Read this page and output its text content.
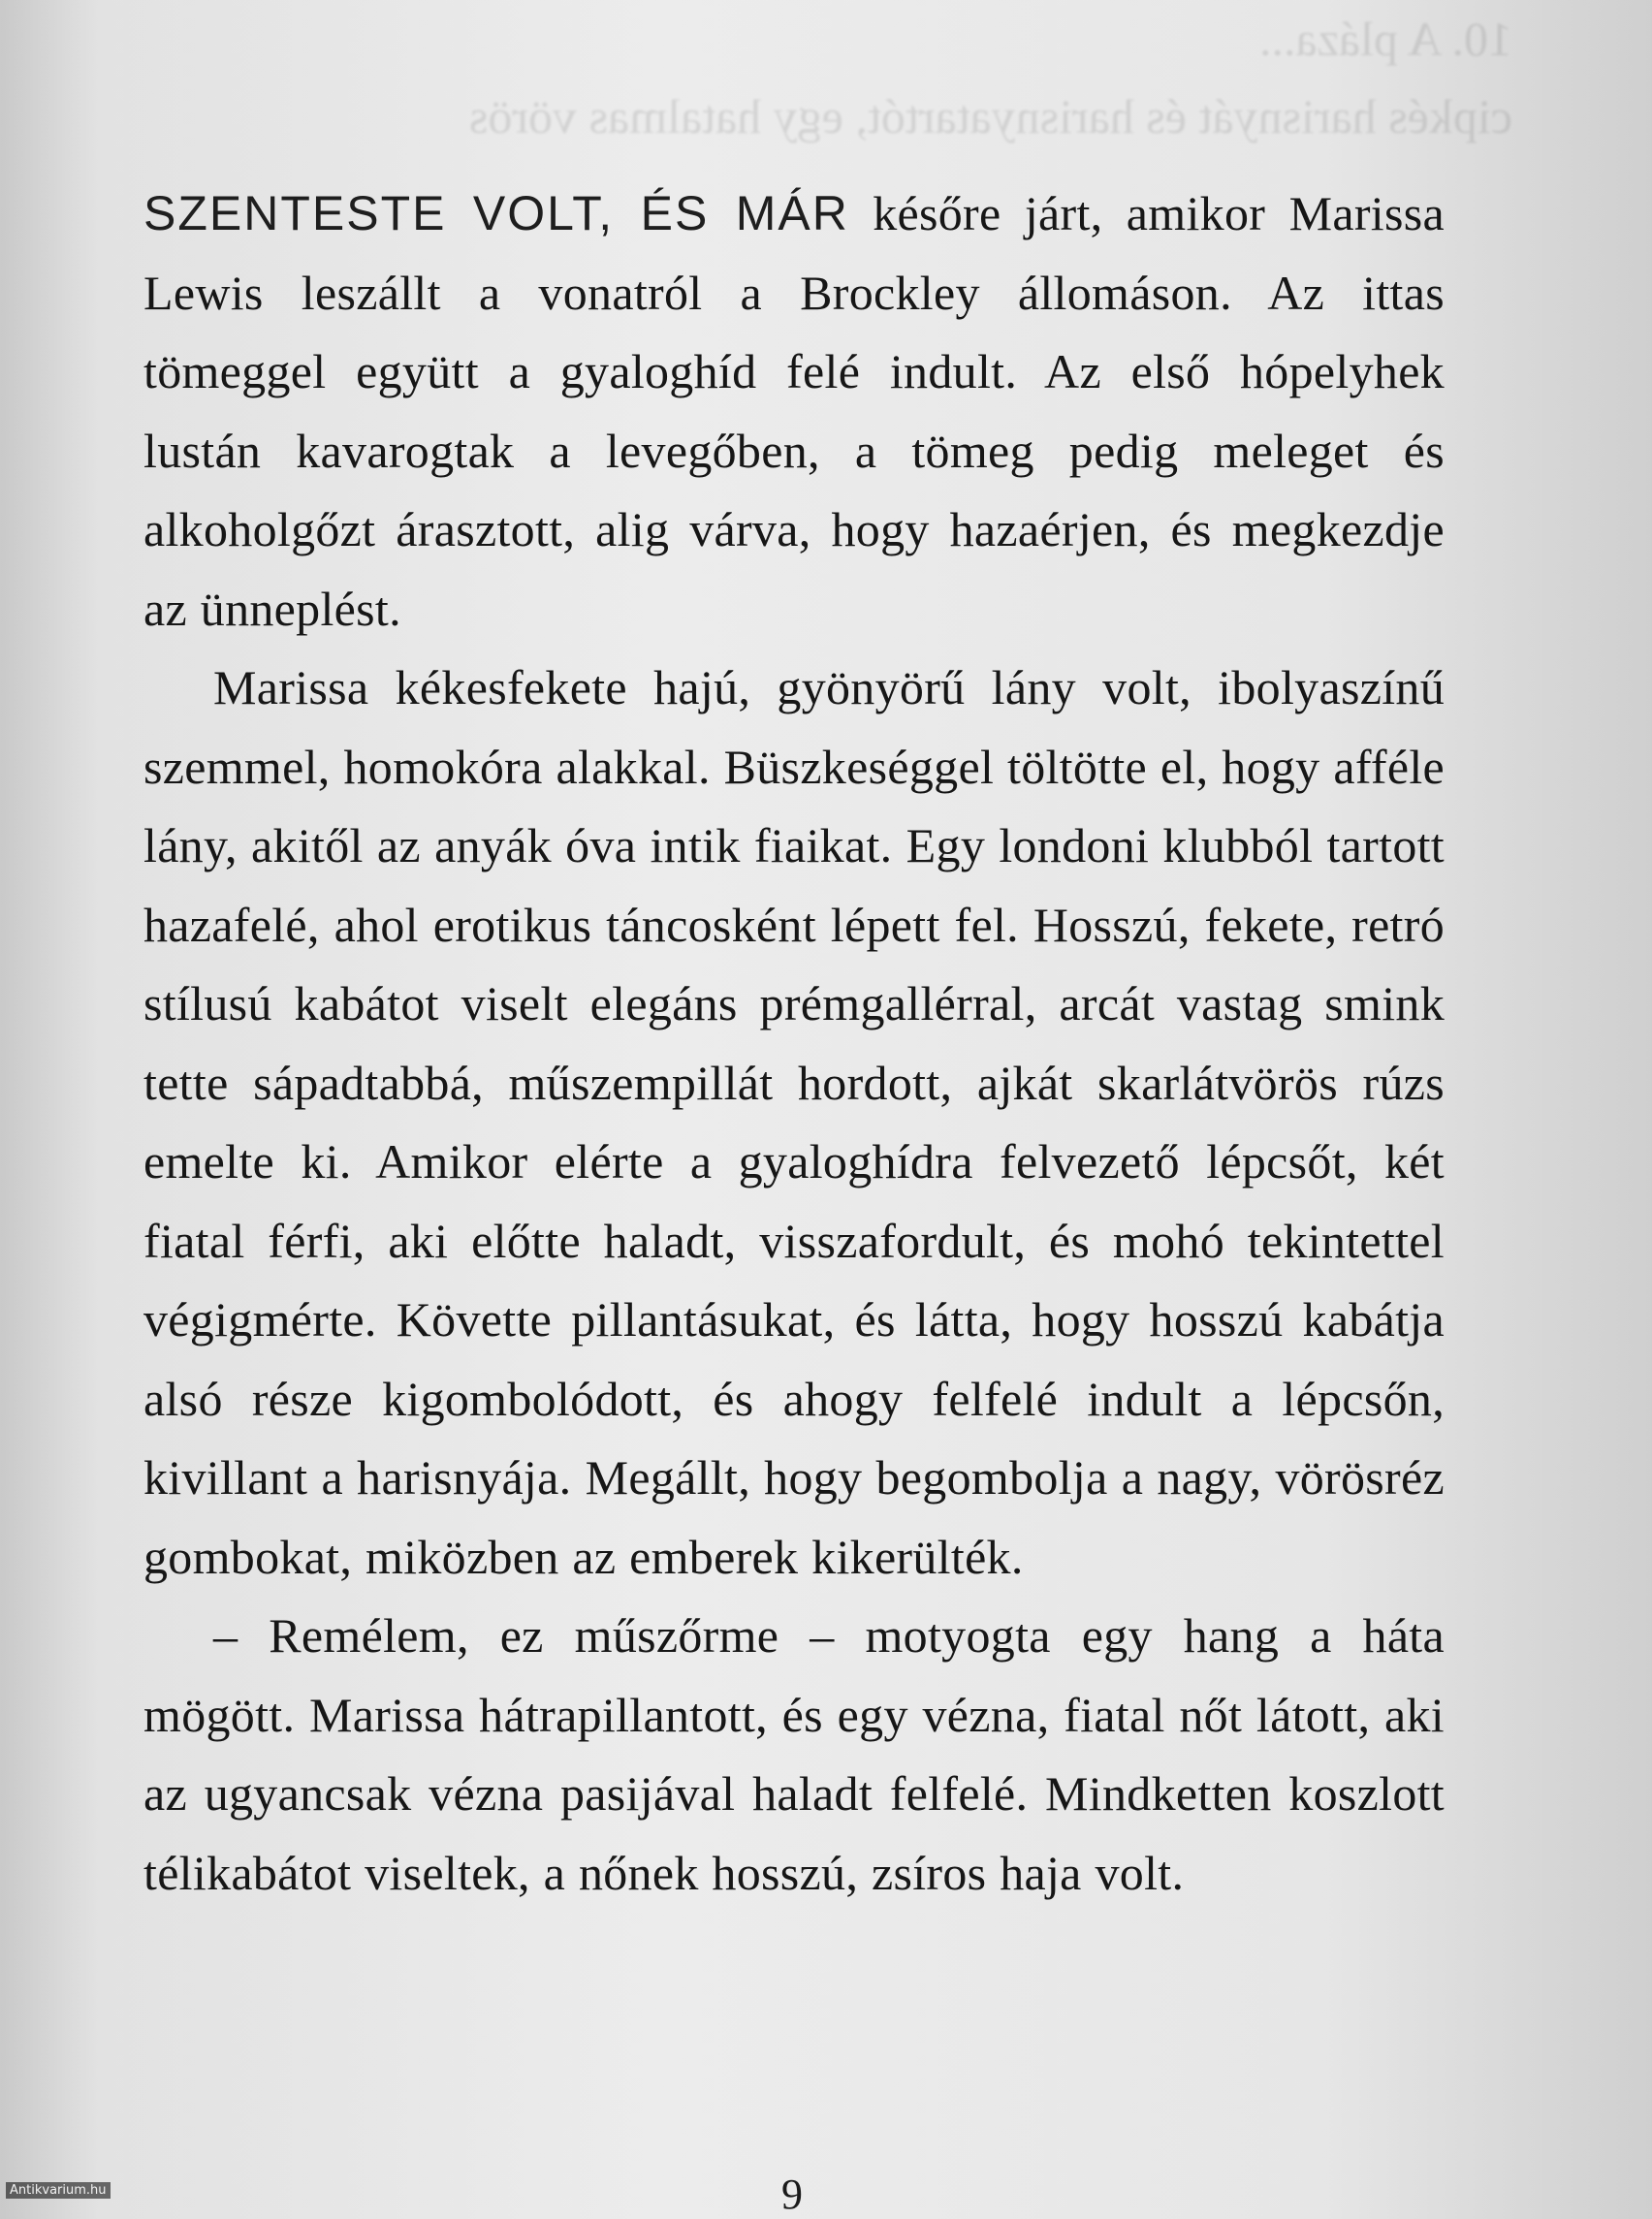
10. A pláza...
cipkés harisnyát és harisnyatartót, egy hatalmas vörös

SZENTESTE VOLT, ÉS MÁR későre járt, amikor Marissa Lewis leszállt a vonatról a Brockley állomáson. Az ittas tömeggel együtt a gyaloghíd felé indult. Az első hópelyhek lustán kavarogtak a levegőben, a tömeg pedig meleget és alkoholgőzt árasztott, alig várva, hogy hazaérjen, és megkezdje az ünneplést.

Marissa kékesfekete hajú, gyönyörű lány volt, ibolyaszínű szemmel, homokóra alakkal. Büszkeséggel töltötte el, hogy afféle lány, akitől az anyák óva intik fiaikat. Egy londoni klubból tartott hazafelé, ahol erotikus táncosként lépett fel. Hosszú, fekete, retró stílusú kabátot viselt elegáns prémgallérral, arcát vastag smink tette sápadtabbá, műszempillát hordott, ajkát skarlátvörös rúzs emelte ki. Amikor elérte a gyaloghídra felvezető lépcsőt, két fiatal férfi, aki előtte haladt, visszafordult, és mohó tekintettel végigmérte. Követte pillantásukat, és látta, hogy hosszú kabátja alsó része kigombolódott, és ahogy felfelé indult a lépcsőn, kivillant a harisnyája. Megállt, hogy begombolja a nagy, vörösréz gombokat, miközben az emberek kikerülték.

– Remélem, ez műszőrme – motyogta egy hang a háta mögött. Marissa hátrapillantott, és egy vézna, fiatal nőt látott, aki az ugyancsak vézna pasijával haladt felfelé. Mindketten koszlott télikabátot viseltek, a nőnek hosszú, zsíros haja volt.

9
Antikvarium.hu
